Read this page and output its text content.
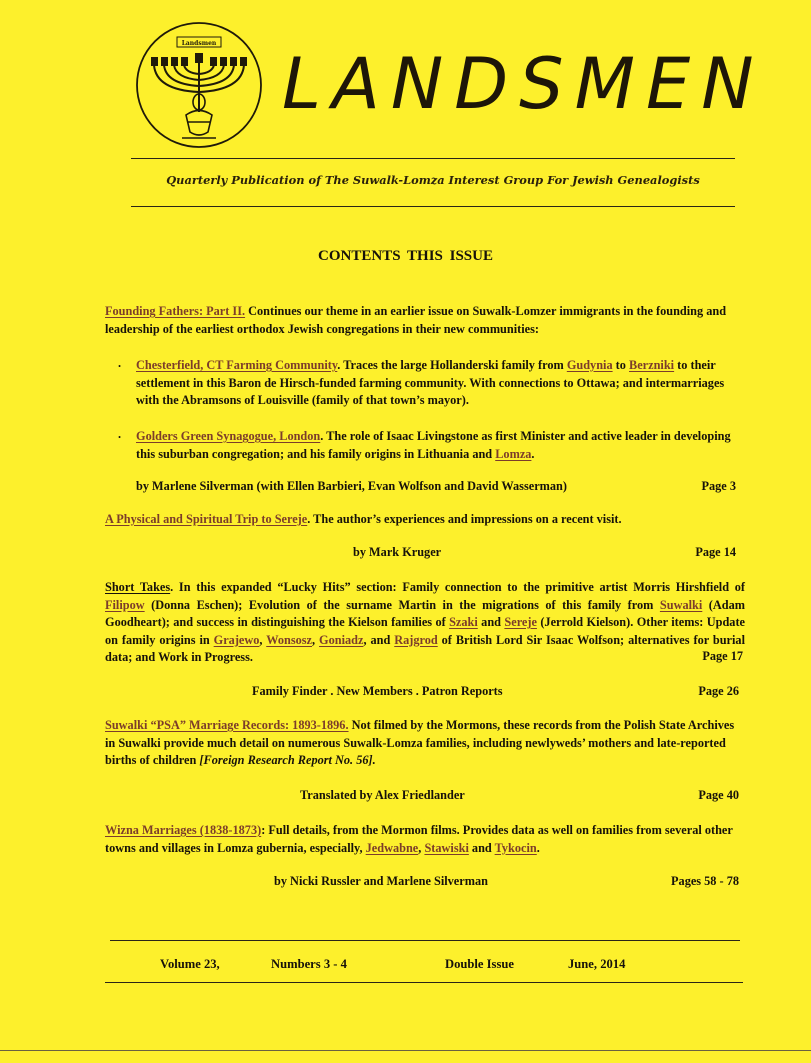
Landsmen LANDSMEN
Quarterly Publication of The Suwalk-Lomza Interest Group For Jewish Genealogists
CONTENTS THIS ISSUE
Founding Fathers: Part II. Continues our theme in an earlier issue on Suwalk-Lomzer immigrants in the founding and leadership of the earliest orthodox Jewish congregations in their new communities:
. Chesterfield, CT Farming Community. Traces the large Hollanderski family from Gudynia to Berzniki to their settlement in this Baron de Hirsch-funded farming community. With connections to Ottawa; and intermarriages with the Abramsons of Louisville (family of that town’s mayor).
. Golders Green Synagogue, London. The role of Isaac Livingstone as first Minister and active leader in developing this suburban congregation; and his family origins in Lithuania and Lomza.
by Marlene Silverman (with Ellen Barbieri, Evan Wolfson and David Wasserman)	Page 3
A Physical and Spiritual Trip to Sereje. The author’s experiences and impressions on a recent visit.
by Mark Kruger	Page 14
Short Takes. In this expanded “Lucky Hits” section: Family connection to the primitive artist Morris Hirshfield of Filipow (Donna Eschen); Evolution of the surname Martin in the migrations of this family from Suwalki (Adam Goodheart); and success in distinguishing the Kielson families of Szaki and Sereje (Jerrold Kielson). Other items: Update on family origins in Grajewo, Wonsosz, Goniadz, and Rajgrod of British Lord Sir Isaac Wolfson; alternatives for burial data; and Work in Progress.	Page 17
Family Finder . New Members . Patron Reports	Page 26
Suwalki “PSA” Marriage Records: 1893-1896. Not filmed by the Mormons, these records from the Polish State Archives in Suwalki provide much detail on numerous Suwalk-Lomza families, including newlyweds’ mothers and late-reported births of children [Foreign Research Report No. 56].
Translated by Alex Friedlander	Page 40
Wizna Marriages (1838-1873): Full details, from the Mormon films. Provides data as well on families from several other towns and villages in Lomza gubernia, especially, Jedwabne, Stawiski and Tykocin.
by Nicki Russler and Marlene Silverman	Pages 58 - 78
Volume 23,	Numbers 3 - 4	Double Issue	June, 2014
